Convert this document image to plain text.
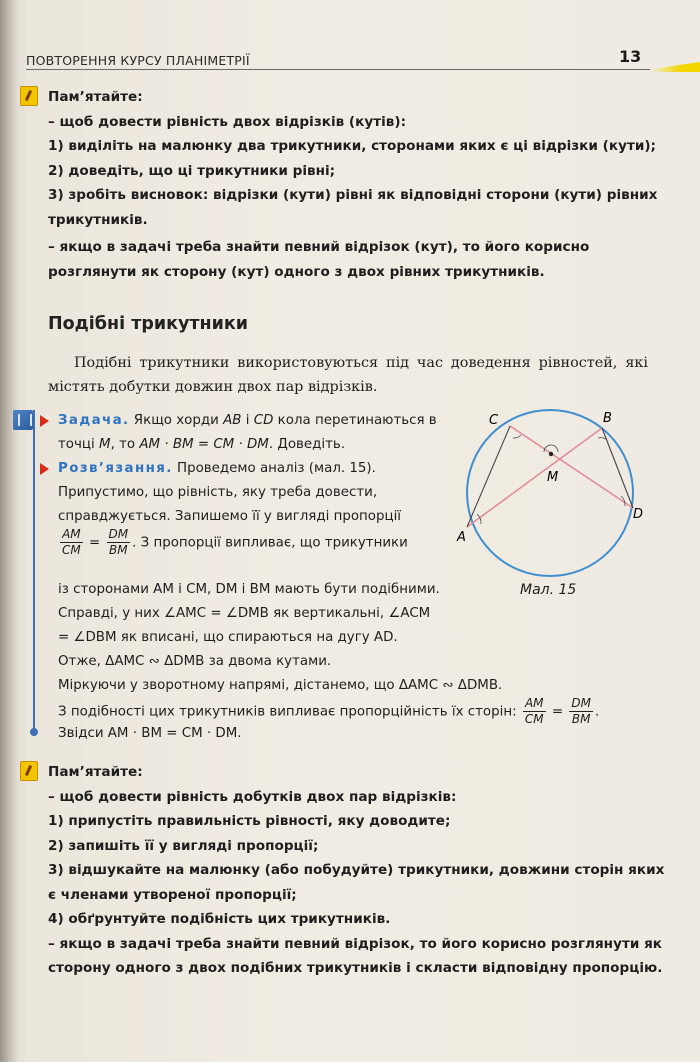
ПОВТОРЕННЯ КУРСУ ПЛАНІМЕТРІЇ	13

Пам’ятайте:

– щоб довести рівність двох відрізків (кутів):

1) виділіть на малюнку два трикутники, сторонами яких є ці відрізки (кути);

2) доведіть, що ці трикутники рівні;

3) зробіть висновок: відрізки (кути) рівні як відповідні сторони (кути) рівних трикутників.

– якщо в задачі треба знайти певний відрізок (кут), то його корисно розглянути як сторону (кут) одного з двох рівних трикутників.

Подібні трикутники
Подібні трикутники використовуються під час доведення рівностей, які містять добутки довжин двох пар відрізків.
Задача. Якщо хорди AB і CD кола перетинаються в точці M, то AM · BM = CM · DM. Доведіть.
Розв’язання. Проведемо аналіз (мал. 15). Припустимо, що рівність, яку треба довести, справджується. Запишемо її у вигляді пропорції
$\frac{AM}{CM} = \frac{DM}{BM}$ . З пропорції випливає, що трикутники
із сторонами AM і CM, DM і BM мають бути подібними. Справді, у них ∠AMC = ∠DMB як вертикальні, ∠ACM = ∠DBM як вписані, що спираються на дугу AD. Отже, ΔAMC ∾ ΔDMB за двома кутами.
Міркуючи у зворотному напрямі, дістанемо, що ΔAMC ∾ ΔDMB.
З подібності цих трикутників випливає пропорційність їх сторін: $\frac{AM}{CM} = \frac{DM}{BM}$ .
Звідси AM · BM = CM · DM.
C	B
M
A
D
Мал. 15

Пам’ятайте:

– щоб довести рівність добутків двох пар відрізків:

1) припустіть правильність рівності, яку доводите;

2) запишіть її у вигляді пропорції;

3) відшукайте на малюнку (або побудуйте) трикутники, довжини сторін яких є членами утвореної пропорції;

4) обґрунтуйте подібність цих трикутників.

– якщо в задачі треба знайти певний відрізок, то його корисно розглянути як сторону одного з двох подібних трикутників і скласти відповідну пропорцію.
